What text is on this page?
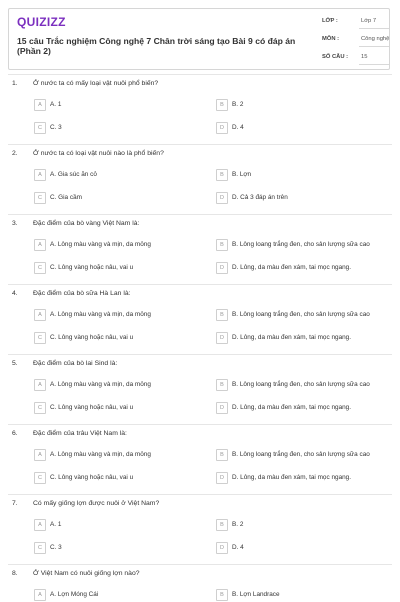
QUIZIZZ
15 câu Trắc nghiệm Công nghệ 7 Chân trời sáng tạo Bài 9 có đáp án (Phần 2)
LỚP :	Lớp 7
MÔN :	Công nghệ
SỐ CÂU : 15
1. Ở nước ta có mấy loại vật nuôi phổ biến?
A	A. 1	B	B. 2
C	C. 3	D	D. 4
2. Ở nước ta có loại vật nuôi nào là phổ biến?
A	A. Gia súc ăn cỏ	B	B. Lợn
C	C. Gia cầm	D	D. Cả 3 đáp án trên
3. Đặc điểm của bò vàng Việt Nam là:
A	A. Lông màu vàng và mịn, da mỏng	B	B. Lông loang trắng đen, cho sản lượng sữa cao
C	C. Lông vàng hoặc nâu, vai u	D	D. Lông, da màu đen xám, tai mọc ngang.
4. Đặc điểm của bò sữa Hà Lan là:
A	A. Lông màu vàng và mịn, da mỏng	B	B. Lông loang trắng đen, cho sản lượng sữa cao
C	C. Lông vàng hoặc nâu, vai u	D	D. Lông, da màu đen xám, tai mọc ngang.
5. Đặc điểm của bò lai Sind là:
A	A. Lông màu vàng và mịn, da mỏng	B	B. Lông loang trắng đen, cho sản lượng sữa cao
C	C. Lông vàng hoặc nâu, vai u	D	D. Lông, da màu đen xám, tai mọc ngang.
6. Đặc điểm của trâu Việt Nam là:
A	A. Lông màu vàng và mịn, da mỏng	B	B. Lông loang trắng đen, cho sản lượng sữa cao
C	C. Lông vàng hoặc nâu, vai u	D	D. Lông, da màu đen xám, tai mọc ngang.
7. Có mấy giống lợn được nuôi ở Việt Nam?
A	A. 1	B	B. 2
C	C. 3	D	D. 4
8. Ở Việt Nam có nuôi giống lợn nào?
A	A. Lợn Móng Cái	B	B. Lợn Landrace
